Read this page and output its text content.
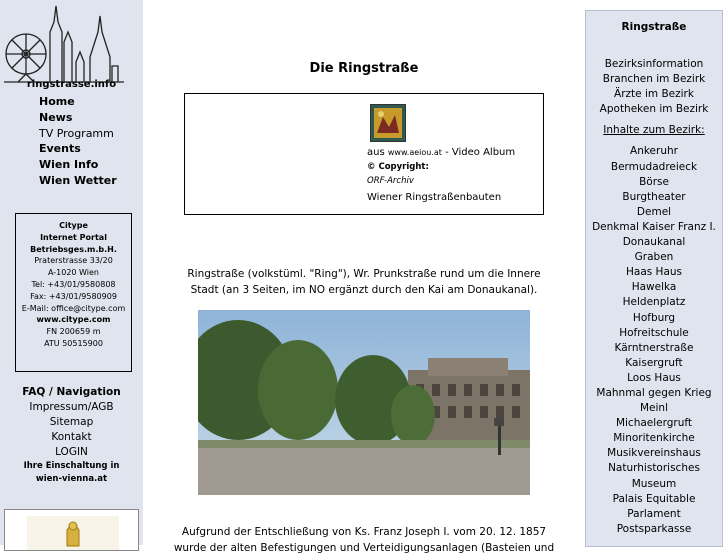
ringstrasse.info
Home
News
TV Programm
Events
Wien Info
Wien Wetter
Citype
Internet Portal
Betriebsges.m.b.H.
Praterstrasse 33/20
A-1020 Wien
Tel: +43/01/9580808
Fax: +43/01/9580909
E-Mail: office@citype.com
www.citype.com
FN 200659 m
ATU 50515900
FAQ / Navigation
Impressum/AGB
Sitemap
Kontakt
LOGIN
Ihre Einschaltung in
wien-vienna.at
Die Ringstraße
aus www.aeiou.at - Video Album
© Copyright:
ORF-Archiv
Wiener Ringstraßenbauten
Ringstraße (volkstüml. "Ring"), Wr. Prunkstraße rund um die Innere Stadt (an 3 Seiten, im NO ergänzt durch den Kai am Donaukanal).
Aufgrund der Entschließung von Ks. Franz Joseph I. vom 20. 12. 1857 wurde der alten Befestigungen und Verteidigungsanlagen (Basteien und
Ringstraße
Bezirksinformation
Branchen im Bezirk
Ärzte im Bezirk
Apotheken im Bezirk
Inhalte zum Bezirk:
Ankeruhr
Bermudadreieck
Börse
Burgtheater
Demel
Denkmal Kaiser Franz I.
Donaukanal
Graben
Haas Haus
Hawelka
Heldenplatz
Hofburg
Hofreitschule
Kärntnerstraße
Kaisergruft
Loos Haus
Mahnmal gegen Krieg
Meinl
Michaelergruft
Minoritenkirche
Musikvereinshaus
Naturhistorisches
Museum
Palais Equitable
Parlament
Postsparkasse
